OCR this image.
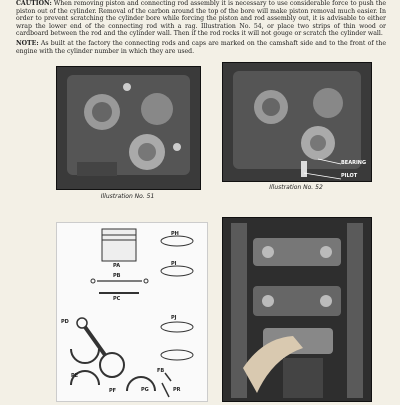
CAUTION: When removing piston and connecting rod assembly it is necessary to use considerable force to push the piston out of the cylinder. Removal of the carbon around the top of the bore will make piston removal much easier. In order to prevent scratching the cylinder bore while forcing the piston and rod assembly out, it is advisable to either wrap the lower end of the connecting rod with a rag. Illustration No. 54, or place two strips of thin wood or cardboard between the rod and the cylinder wall. Then if the rod rocks it will not gouge or scratch the cylinder wall.

NOTE: As built at the factory the connecting rods and caps are marked on the camshaft side and to the front of the engine with the cylinder number in which they are used.

Illustration No. 51
BEARING
PILOT
Illustration No. 52
PA
PB
PC
PD
PE
PF	PG
PH
PI
PJ
PR
FB
